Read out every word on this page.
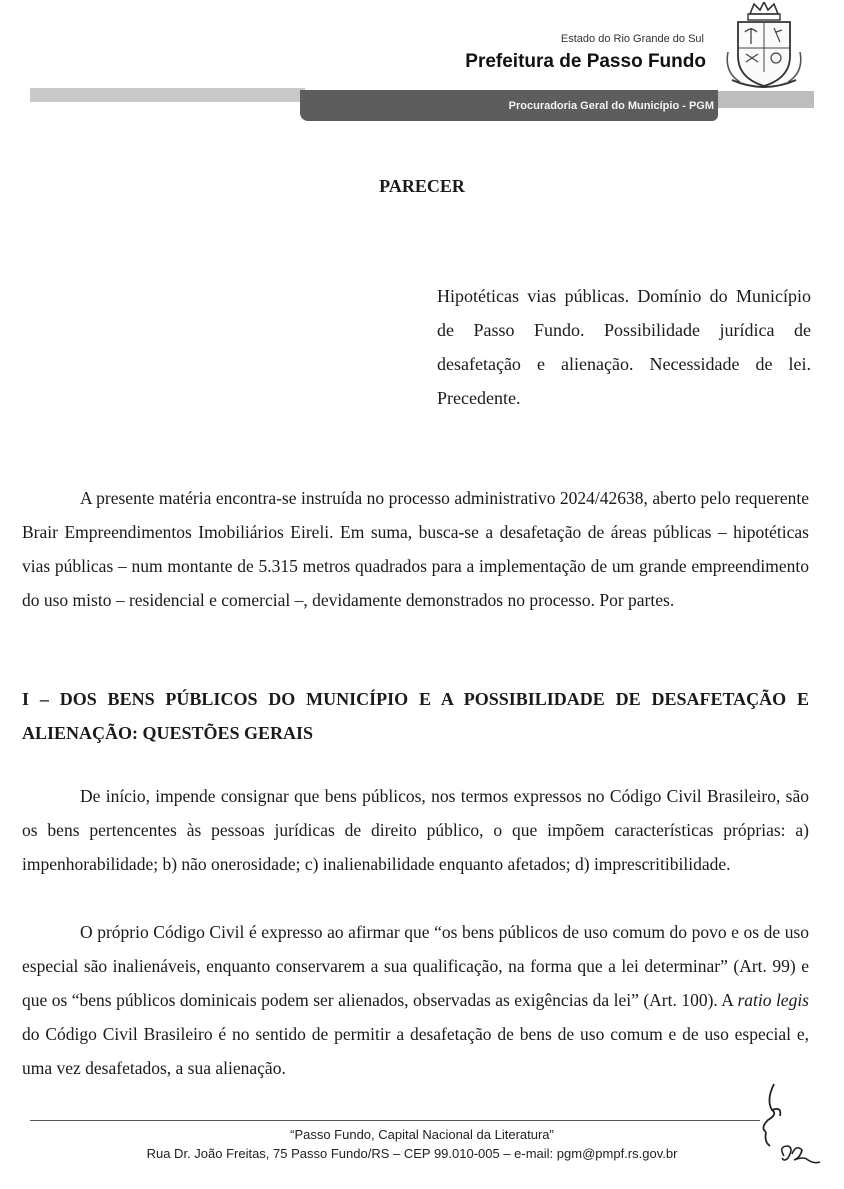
Estado do Rio Grande do Sul
Prefeitura de Passo Fundo
Procuradoria Geral do Município - PGM
PARECER
Hipotéticas vias públicas. Domínio do Município de Passo Fundo. Possibilidade jurídica de desafetação e alienação. Necessidade de lei. Precedente.
A presente matéria encontra-se instruída no processo administrativo 2024/42638, aberto pelo requerente Brair Empreendimentos Imobiliários Eireli. Em suma, busca-se a desafetação de áreas públicas – hipotéticas vias públicas – num montante de 5.315 metros quadrados para a implementação de um grande empreendimento do uso misto – residencial e comercial –, devidamente demonstrados no processo. Por partes.
I – DOS BENS PÚBLICOS DO MUNICÍPIO E A POSSIBILIDADE DE DESAFETAÇÃO E ALIENAÇÃO: QUESTÕES GERAIS
De início, impende consignar que bens públicos, nos termos expressos no Código Civil Brasileiro, são os bens pertencentes às pessoas jurídicas de direito público, o que impõem características próprias: a) impenhorabilidade; b) não onerosidade; c) inalienabilidade enquanto afetados; d) imprescritibilidade.
O próprio Código Civil é expresso ao afirmar que “os bens públicos de uso comum do povo e os de uso especial são inalienáveis, enquanto conservarem a sua qualificação, na forma que a lei determinar” (Art. 99) e que os “bens públicos dominicais podem ser alienados, observadas as exigências da lei” (Art. 100). A ratio legis do Código Civil Brasileiro é no sentido de permitir a desafetação de bens de uso comum e de uso especial e, uma vez desafetados, a sua alienação.
“Passo Fundo, Capital Nacional da Literatura”
Rua Dr. João Freitas, 75 Passo Fundo/RS – CEP 99.010-005 – e-mail: pgm@pmpf.rs.gov.br
